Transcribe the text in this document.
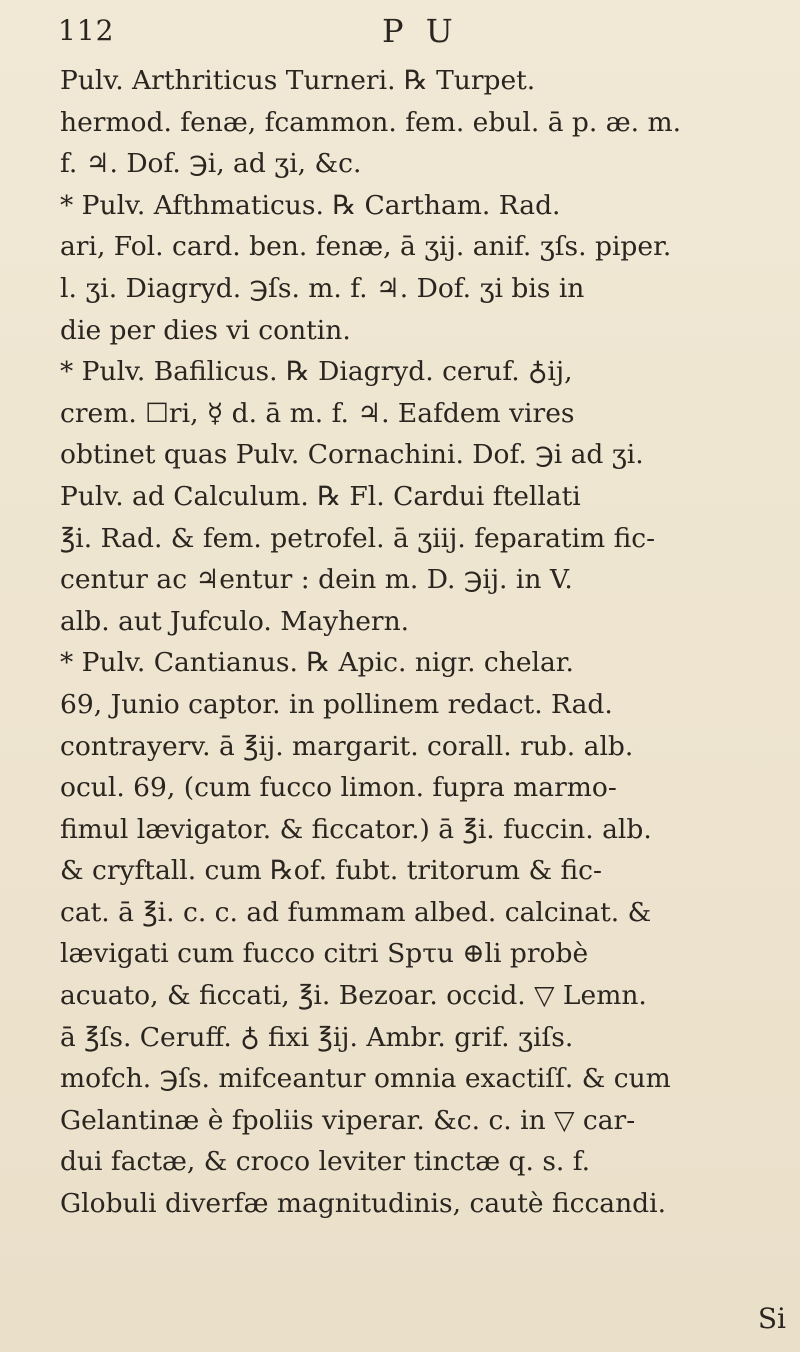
112	P U
Pulv. Arthriticus Turneri. ℞ Turpet.
hermod. fenæ, fcammon. fem. ebul. ā p. æ. m.
f. ♃. Dof. ℈i, ad ʒi, &c.
* Pulv. Afthmaticus. ℞ Cartham. Rad.
ari, Fol. card. ben. fenæ, ā ʒij. anif. ʒſs. piper.
l. ʒi. Diagryd. ℈ſs. m. f. ♃. Dof. ʒi bis in
die per dies vi contin.
* Pulv. Bafilicus. ℞ Diagryd. ceruf. ♁ij,
crem. ☐ri, ☿ d. ā m. f. ♃. Eafdem vires
obtinet quas Pulv. Cornachini. Dof. ℈i ad ʒi.
Pulv. ad Calculum. ℞ Fl. Cardui ftellati
℥i. Rad. & fem. petrofel. ā ʒiij. feparatim fic-
centur ac ♃entur : dein m. D. ℈ij. in V.
alb. aut Jufculo. Mayhern.
* Pulv. Cantianus. ℞ Apic. nigr. chelar.
69, Junio captor. in pollinem redact. Rad.
contrayerv. ā ℥ij. margarit. corall. rub. alb.
ocul. 69, (cum fucco limon. fupra marmo-
fimul lævigator. & ficcator.) ā ℥i. fuccin. alb.
& cryftall. cum ℞of. fubt. tritorum & fic-
cat. ā ℥i. c. c. ad fummam albed. calcinat. &
lævigati cum fucco citri Spτu ⊕li probè
acuato, & ficcati, ℥i. Bezoar. occid. ▽ Lemn.
ā ℥ſs. Ceruff. ♁ fixi ℥ij. Ambr. grif. ʒiſs.
mofch. ℈ſs. mifceantur omnia exactiſſ. & cum
Gelantinæ è fpoliis viperar. &c. c. in ▽ car-
dui factæ, & croco leviter tinctæ q. s. f.
Globuli diverfæ magnitudinis, cautè ficcandi.
Si
